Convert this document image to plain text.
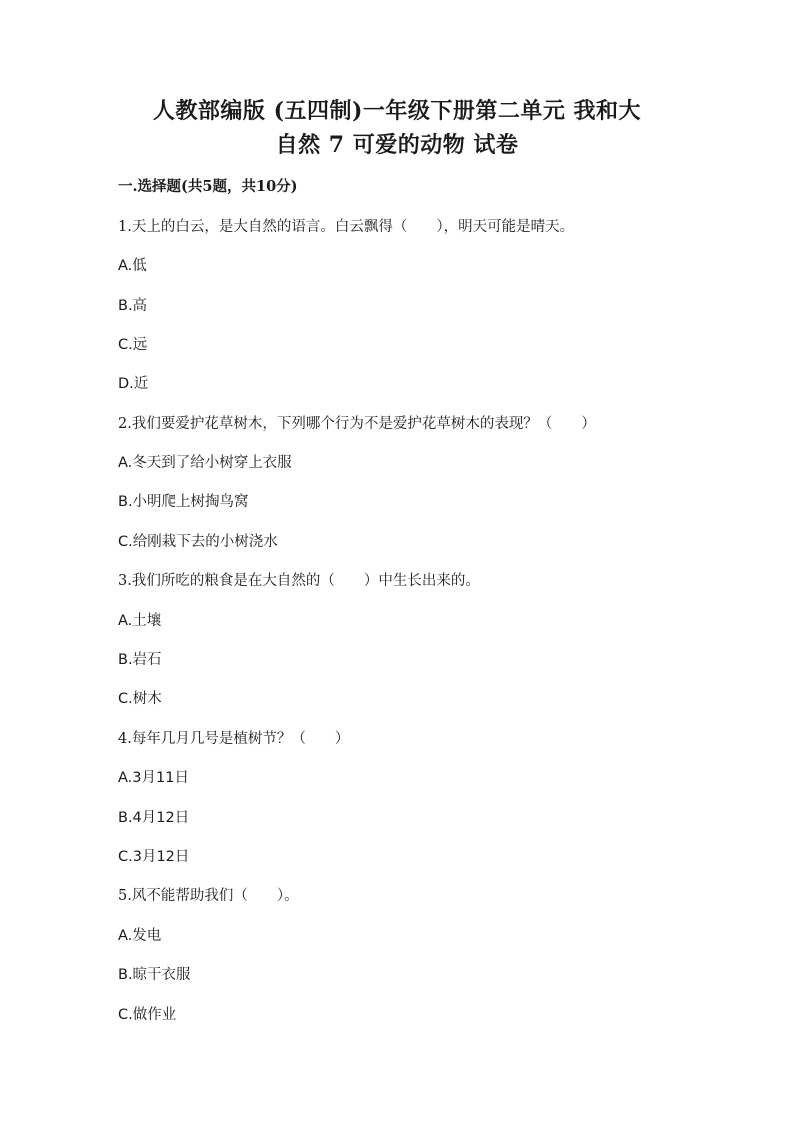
人教部编版 (五四制)一年级下册第二单元 我和大
自然 7 可爱的动物 试卷
一.选择题(共5题，共10分)
1.天上的白云，是大自然的语言。白云飘得（　　），明天可能是晴天。
A.低
B.高
C.远
D.近
2.我们要爱护花草树木，下列哪个行为不是爱护花草树木的表现？（　　）
A.冬天到了给小树穿上衣服
B.小明爬上树掏鸟窝
C.给刚栽下去的小树浇水
3.我们所吃的粮食是在大自然的（　　）中生长出来的。
A.土壤
B.岩石
C.树木
4.每年几月几号是植树节？（　　）
A.3月11日
B.4月12日
C.3月12日
5.风不能帮助我们（　　）。
A.发电
B.晾干衣服
C.做作业
